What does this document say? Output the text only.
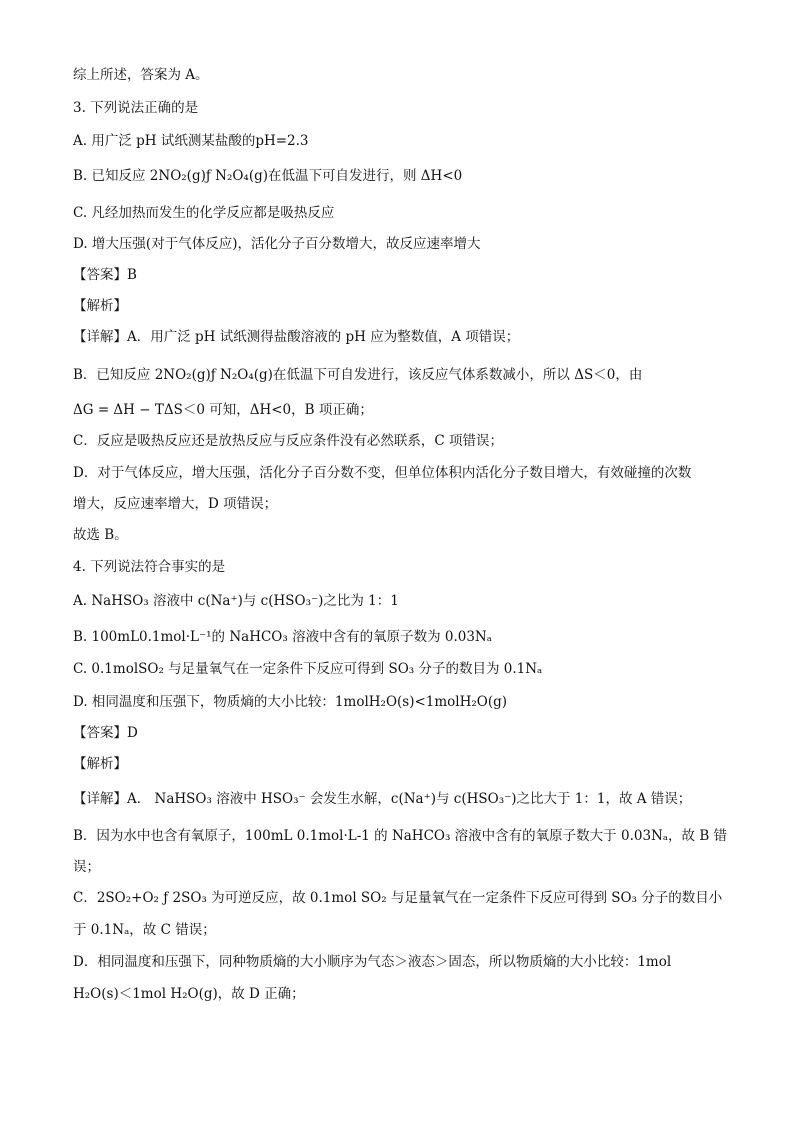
综上所述，答案为 A。
3. 下列说法正确的是
A. 用广泛 pH 试纸测某盐酸的pH=2.3
B. 已知反应 2NO₂(g)ƒ N₂O₄(g)在低温下可自发进行，则 ΔH<0
C. 凡经加热而发生的化学反应都是吸热反应
D. 增大压强(对于气体反应)，活化分子百分数增大，故反应速率增大
【答案】B
【解析】
【详解】A．用广泛 pH 试纸测得盐酸溶液的 pH 应为整数值，A 项错误；
B．已知反应 2NO₂(g)ƒ N₂O₄(g)在低温下可自发进行，该反应气体系数减小，所以 ΔS＜0，由
ΔG = ΔH − TΔS＜0 可知，ΔH<0，B 项正确；
C．反应是吸热反应还是放热反应与反应条件没有必然联系，C 项错误；
D．对于气体反应，增大压强，活化分子百分数不变，但单位体积内活化分子数目增大，有效碰撞的次数
增大，反应速率增大，D 项错误；
故选 B。
4. 下列说法符合事实的是
A. NaHSO₃ 溶液中 c(Na⁺)与 c(HSO₃⁻)之比为 1：1
B. 100mL0.1mol·L⁻¹的 NaHCO₃ 溶液中含有的氧原子数为 0.03Nₐ
C. 0.1molSO₂ 与足量氧气在一定条件下反应可得到 SO₃ 分子的数目为 0.1Nₐ
D. 相同温度和压强下，物质熵的大小比较：1molH₂O(s)<1molH₂O(g)
【答案】D
【解析】
【详解】A． NaHSO₃ 溶液中 HSO₃⁻ 会发生水解，c(Na⁺)与 c(HSO₃⁻)之比大于 1：1，故 A 错误；
B．因为水中也含有氧原子，100mL 0.1mol·L-1 的 NaHCO₃ 溶液中含有的氧原子数大于 0.03Nₐ，故 B 错
误；
C．2SO₂+O₂ ƒ 2SO₃ 为可逆反应，故 0.1mol SO₂ 与足量氧气在一定条件下反应可得到 SO₃ 分子的数目小
于 0.1Nₐ，故 C 错误；
D．相同温度和压强下，同种物质熵的大小顺序为气态＞液态＞固态，所以物质熵的大小比较：1mol
H₂O(s)＜1mol H₂O(g)，故 D 正确；
